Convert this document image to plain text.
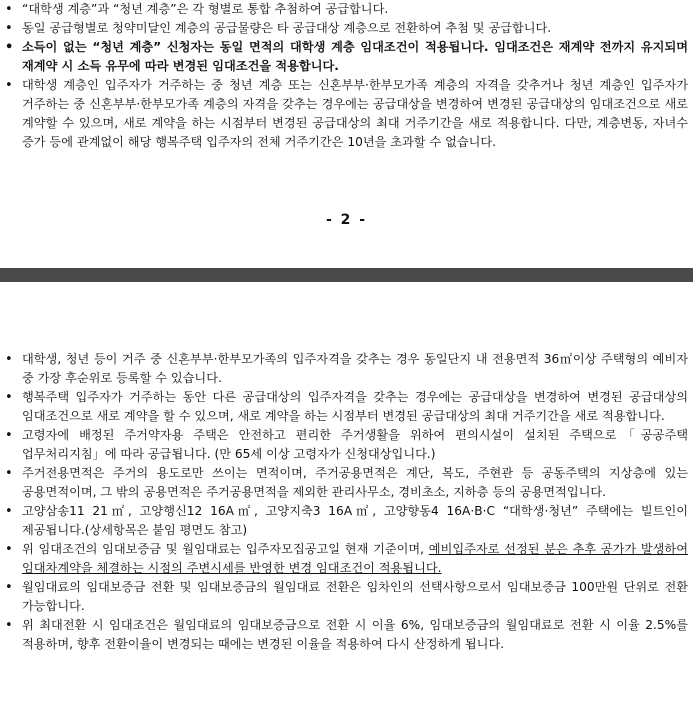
• “대학생 계층”과 “청년 계층”은 각 형별로 통합 추첨하여 공급합니다.
• 동일 공급형별로 청약미달인 계층의 공급물량은 타 공급대상 계층으로 전환하여 추첨 및 공급합니다.
• 소득이 없는 “청년 계층” 신청자는 동일 면적의 대학생 계층 임대조건이 적용됩니다. 임대조건은 재계약 전까지 유지되며 재계약 시 소득 유무에 따라 변경된 임대조건을 적용합니다.
• 대학생 계층인 입주자가 거주하는 중 청년 계층 또는 신혼부부·한부모가족 계층의 자격을 갖추거나 청년 계층인 입주자가 거주하는 중 신혼부부·한부모가족 계층의 자격을 갖추는 경우에는 공급대상을 변경하여 변경된 공급대상의 임대조건으로 새로 계약할 수 있으며, 새로 계약을 하는 시점부터 변경된 공급대상의 최대 거주기간을 새로 적용합니다. 다만, 계층변동, 자녀수 증가 등에 관계없이 해당 행복주택 입주자의 전체 거주기간은 10년을 초과할 수 없습니다.
- 2 -
• 대학생, 청년 등이 거주 중 신혼부부·한부모가족의 입주자격을 갖추는 경우 동일단지 내 전용면적 36㎡이상 주택형의 예비자 중 가장 후순위로 등록할 수 있습니다.
• 행복주택 입주자가 거주하는 동안 다른 공급대상의 입주자격을 갖추는 경우에는 공급대상을 변경하여 변경된 공급대상의 임대조건으로 새로 계약을 할 수 있으며, 새로 계약을 하는 시점부터 변경된 공급대상의 최대 거주기간을 새로 적용합니다.
• 고령자에 배정된 주거약자용 주택은 안전하고 편리한 주거생활을 위하여 편의시설이 설치된 주택으로「공공주택 업무처리지침」에 따라 공급됩니다. (만 65세 이상 고령자가 신청대상입니다.)
• 주거전용면적은 주거의 용도로만 쓰이는 면적이며, 주거공용면적은 계단, 복도, 주현관 등 공동주택의 지상층에 있는 공용면적이며, 그 밖의 공용면적은 주거공용면적을 제외한 관리사무소, 경비초소, 지하층 등의 공용면적입니다.
• 고양삼송11 21㎡, 고양행신12 16A㎡, 고양지축3 16A㎡, 고양향동4 16A·B·C “대학생·청년” 주택에는 빌트인이 제공됩니다.(상세항목은 붙임 평면도 참고)
• 위 임대조건의 임대보증금 및 월임대료는 입주자모집공고일 현재 기준이며, 예비입주자로 선정된 분은 추후 공가가 발생하여 임대차계약을 체결하는 시점의 주변시세를 반영한 변경 임대조건이 적용됩니다.
• 월임대료의 임대보증금 전환 및 임대보증금의 월임대료 전환은 임차인의 선택사항으로서 임대보증금 100만원 단위로 전환 가능합니다.
• 위 최대전환 시 임대조건은 월임대료의 임대보증금으로 전환 시 이율 6%, 임대보증금의 월임대료로 전환 시 이율 2.5%를 적용하며, 향후 전환이율이 변경되는 때에는 변경된 이율을 적용하여 다시 산정하게 됩니다.
